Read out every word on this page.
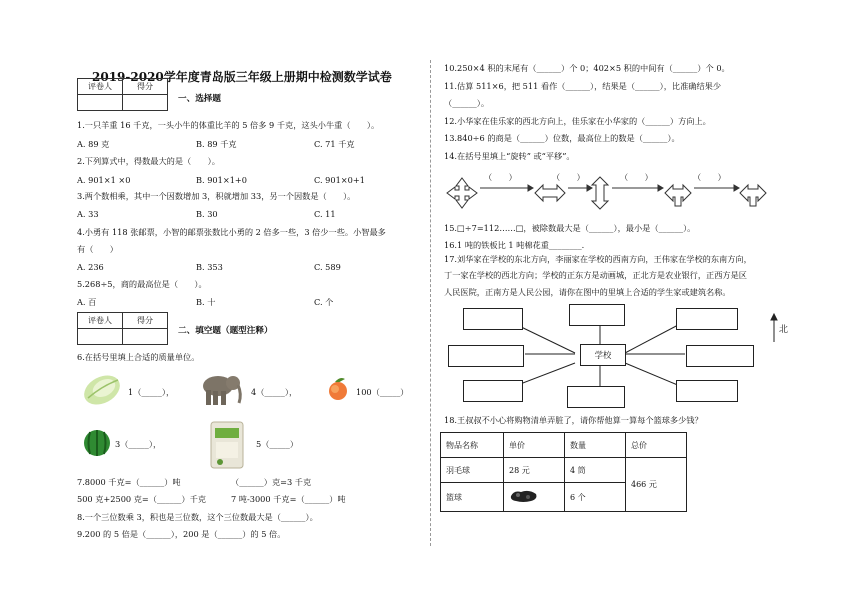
2019-2020学年度青岛版三年级上册期中检测数学试卷
评卷人	得分

一、选择题
1.一只羊重 16 千克，一头小牛的体重比羊的 5 倍多 9 千克，这头小牛重（　　）。
A. 89 克	B. 89 千克	C. 71 千克
2.下列算式中，得数最大的是（　　）。
A. 901×1 ×0	B. 901×1+0	C. 901×0+1
3.两个数相乘，其中一个因数增加 3，积就增加 33，另一个因数是（　　）。
A. 33	B. 30	C. 11
4.小勇有 118 张邮票，小智的邮票张数比小勇的 2 倍多一些，3 倍少一些。小智最多
有（　　）
A. 236	B. 353	C. 589
5.268÷5，商的最高位是（　　）。
A. 百	B. 十	C. 个
评卷人	得分

二、填空题（题型注释）
6.在括号里填上合适的质量单位。
1（_____），	4（_____），	100（_____）
3（_____），	5（_____）
7.8000 千克=（______）吨	（______）克=3 千克
500 克+2500 克=（______）千克	7 吨-3000 千克=（______）吨
8.一个三位数乘 3，积也是三位数，这个三位数最大是（______）。
9.200 的 5 倍是（______），200 是（______）的 5 倍。
10.250×4 积的末尾有（______）个 0；402×5 积的中间有（______）个 0。
11.估算 511×6，把 511 看作（______），结果是（______），比准确结果少
（______）。
12.小华家在佳乐家的西北方向上，佳乐家在小华家的（______）方向上。
13.840÷6 的商是（______）位数，最高位上的数是（______）。
14.在括号里填上“旋转” 或“平移”。
（　　）	（　　）	（　　）	（　　）
15.□÷7=112……□，被除数最大是（______），最小是（______）。
16.1 吨的铁板比 1 吨棉花重________.
17.刘华家在学校的东北方向，李丽家在学校的西南方向，王伟家在学校的东南方向，
丁一家在学校的西北方向；学校的正东方是动画城，正北方是农业银行，正西方是区
人民医院，正南方是人民公园，请你在图中的里填上合适的学生家或建筑名称。
学校
北
18.王叔叔不小心将购物清单弄脏了，请你帮他算一算每个篮球多少钱？
物品名称	单价	数量	总价
羽毛球	28 元	4 筒	466 元
篮球		6 个	
